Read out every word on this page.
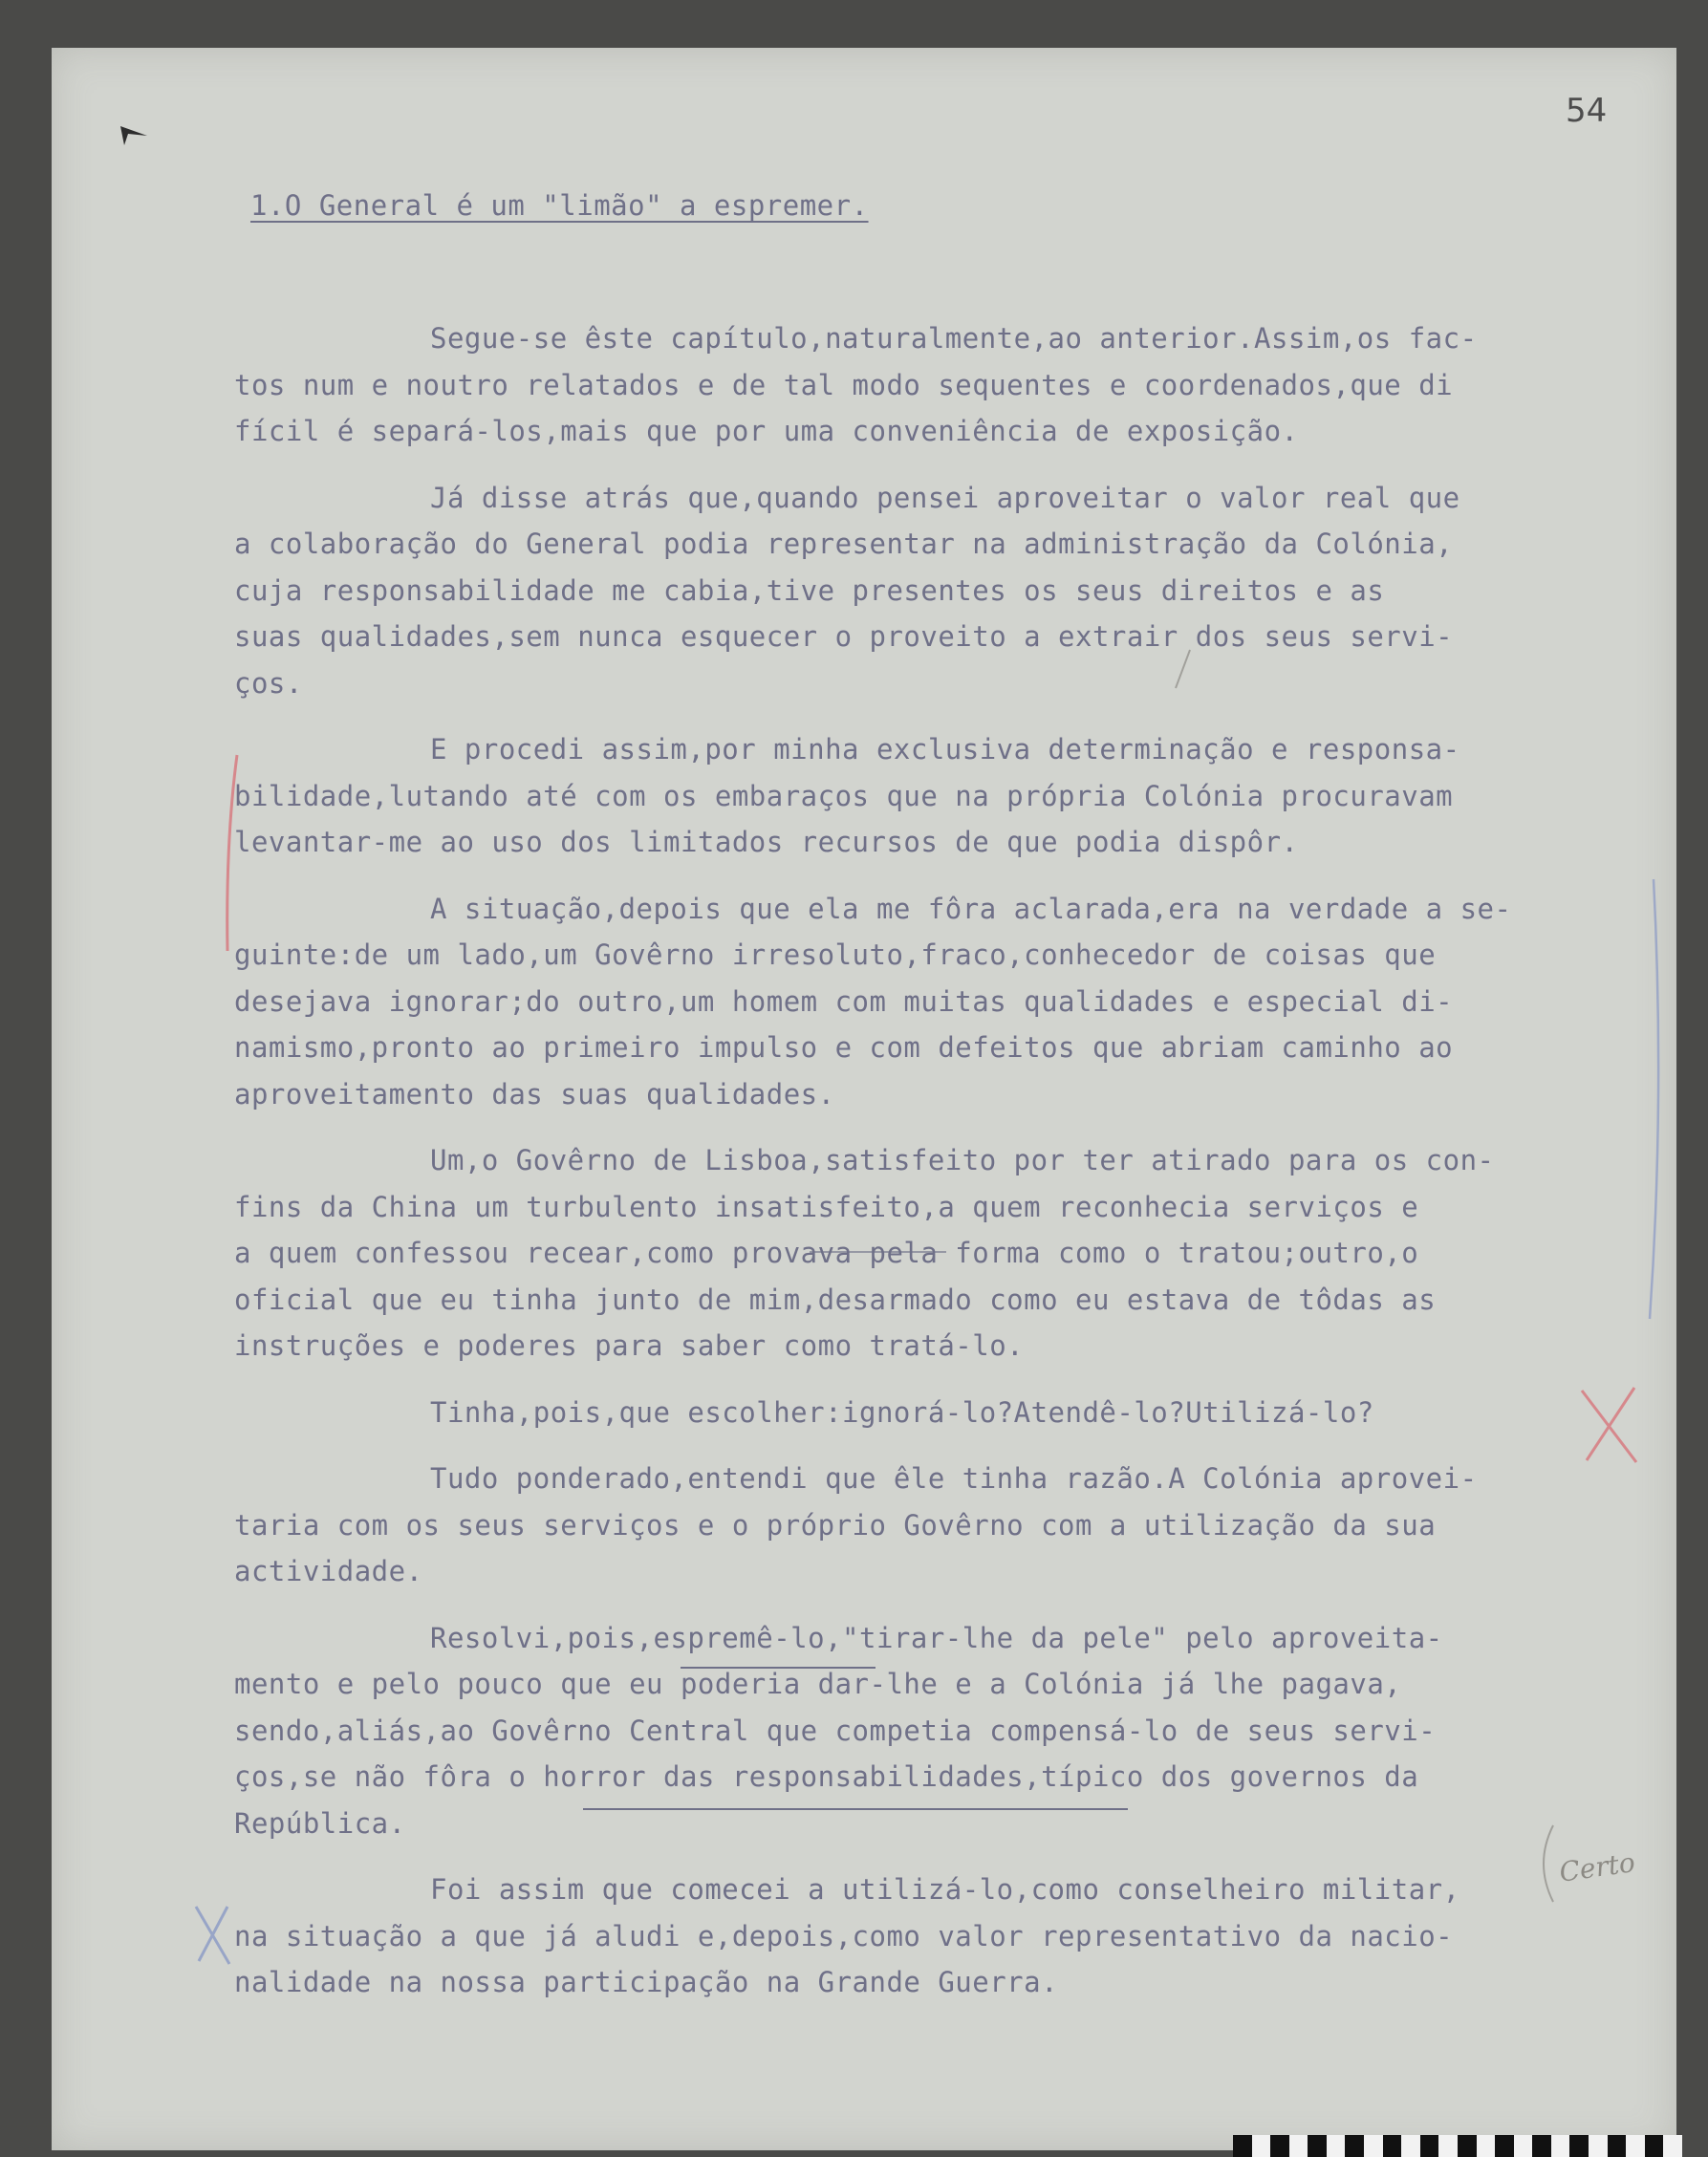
54
1.O General é um "limão" a espremer.
Segue-se êste capítulo,naturalmente,ao anterior.Assim,os fac-
tos num e noutro relatados e de tal modo sequentes e coordenados,que di
fícil é separá-los,mais que por uma conveniência de exposição.
Já disse atrás que,quando pensei aproveitar o valor real que
a colaboração do General podia representar na administração da Colónia,
cuja responsabilidade me cabia,tive presentes os seus direitos e as
suas qualidades,sem nunca esquecer o proveito a extrair dos seus servi-
ços.
E procedi assim,por minha exclusiva determinação e responsa-
bilidade,lutando até com os embaraços que na própria Colónia procuravam
levantar-me ao uso dos limitados recursos de que podia dispôr.
A situação,depois que ela me fôra aclarada,era na verdade a se-
guinte:de um lado,um Govêrno irresoluto,fraco,conhecedor de coisas que
desejava ignorar;do outro,um homem com muitas qualidades e especial di-
namismo,pronto ao primeiro impulso e com defeitos que abriam caminho ao
aproveitamento das suas qualidades.
Um,o Govêrno de Lisboa,satisfeito por ter atirado para os con-
fins da China um turbulento insatisfeito,a quem reconhecia serviços e
a quem confessou recear,como provava pela forma como o tratou;outro,o
oficial que eu tinha junto de mim,desarmado como eu estava de tôdas as
instruções e poderes para saber como tratá-lo.
Tinha,pois,que escolher:ignorá-lo?Atendê-lo?Utilizá-lo?
Tudo ponderado,entendi que êle tinha razão.A Colónia aprovei-
taria com os seus serviços e o próprio Govêrno com a utilização da sua
actividade.
Resolvi,pois,espremê-lo,"tirar-lhe da pele" pelo aproveita-
mento e pelo pouco que eu poderia dar-lhe e a Colónia já lhe pagava,
sendo,aliás,ao Govêrno Central que competia compensá-lo de seus servi-
ços,se não fôra o horror das responsabilidades,típico dos governos da
República.
Foi assim que comecei a utilizá-lo,como conselheiro militar,
na situação a que já aludi e,depois,como valor representativo da nacio-
nalidade na nossa participação na Grande Guerra.
Certo
